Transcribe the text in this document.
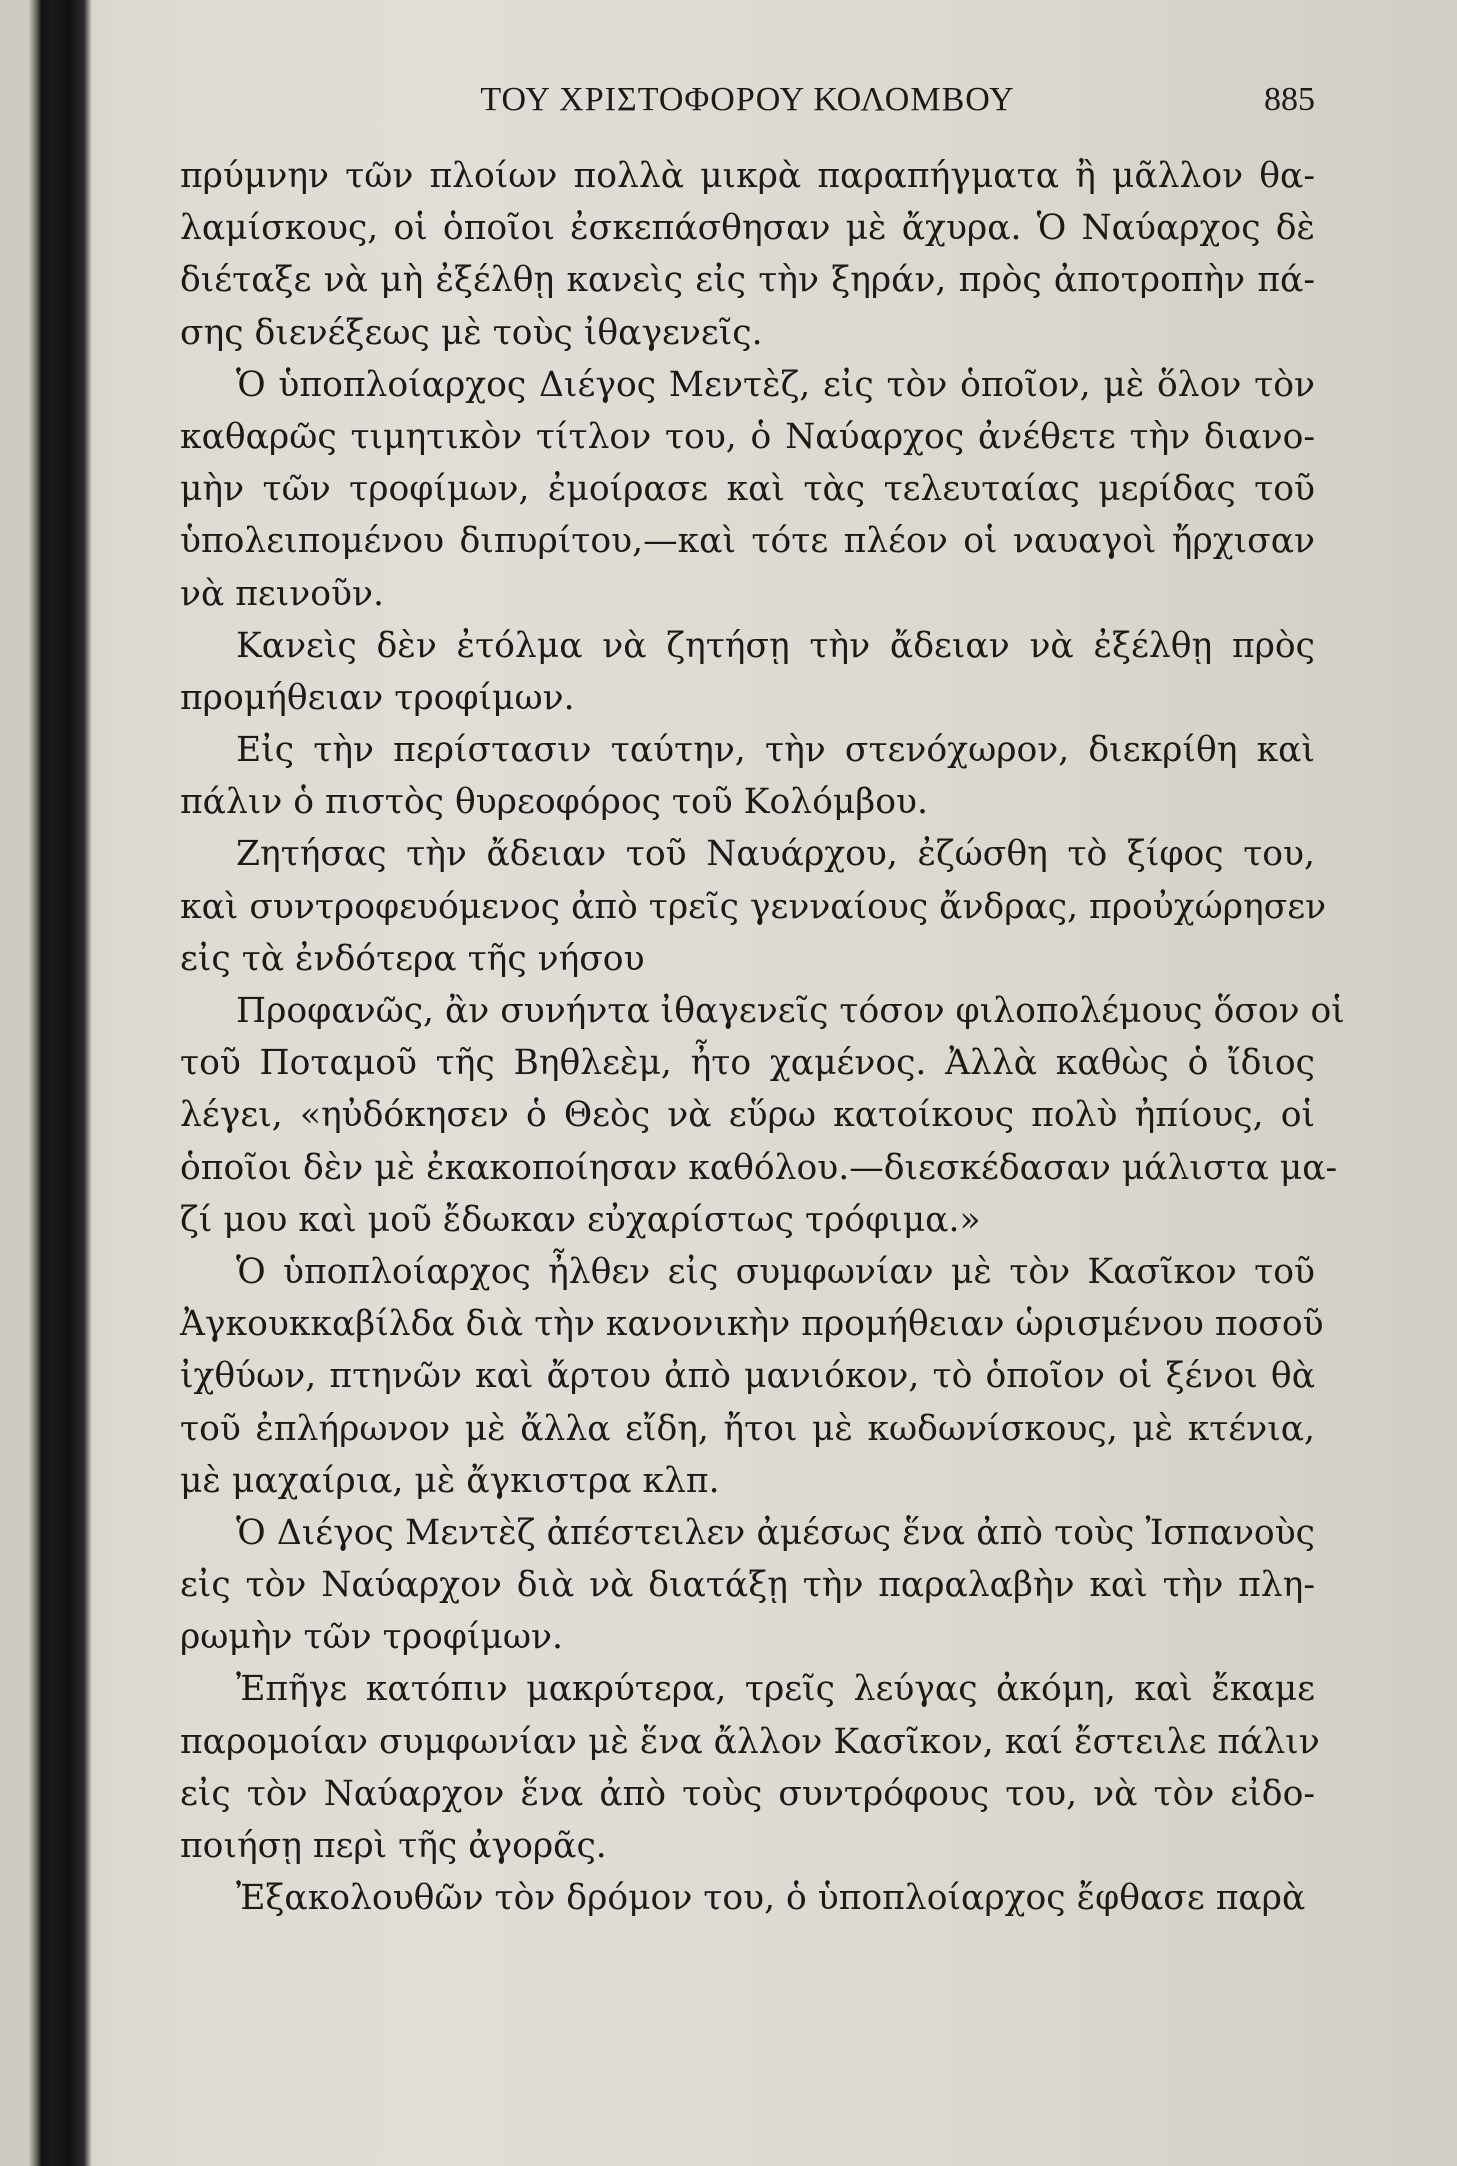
ΤΟΥ ΧΡΙΣΤΟΦΟΡΟΥ ΚΟΛΟΜΒΟΥ	885
πρύμνην τῶν πλοίων πολλὰ μικρὰ παραπήγματα ἢ μᾶλλον θα-
λαμίσκους, οἱ ὁποῖοι ἐσκεπάσθησαν μὲ ἄχυρα. Ὁ Ναύαρχος δὲ
διέταξε νὰ μὴ ἐξέλθῃ κανεὶς εἰς τὴν ξηράν, πρὸς ἀποτροπὴν πά-
σης διενέξεως μὲ τοὺς ἰθαγενεῖς.
Ὁ ὑποπλοίαρχος Διέγος Μεντὲζ, εἰς τὸν ὁποῖον, μὲ ὅλον τὸν
καθαρῶς τιμητικὸν τίτλον του, ὁ Ναύαρχος ἀνέθετε τὴν διανο-
μὴν τῶν τροφίμων, ἐμοίρασε καὶ τὰς τελευταίας μερίδας τοῦ
ὑπολειπομένου διπυρίτου,—καὶ τότε πλέον οἱ ναυαγοὶ ἤρχισαν
νὰ πεινοῦν.
Κανεὶς δὲν ἐτόλμα νὰ ζητήσῃ τὴν ἄδειαν νὰ ἐξέλθῃ πρὸς
προμήθειαν τροφίμων.
Εἰς τὴν περίστασιν ταύτην, τὴν στενόχωρον, διεκρίθη καὶ
πάλιν ὁ πιστὸς θυρεοφόρος τοῦ Κολόμβου.
Ζητήσας τὴν ἄδειαν τοῦ Ναυάρχου, ἐζώσθη τὸ ξίφος του,
καὶ συντροφευόμενος ἀπὸ τρεῖς γενναίους ἄνδρας, προὐχώρησεν
εἰς τὰ ἐνδότερα τῆς νήσου
Προφανῶς, ἂν συνήντα ἰθαγενεῖς τόσον φιλοπολέμους ὅσον οἱ
τοῦ Ποταμοῦ τῆς Βηθλεὲμ, ἦτο χαμένος. Ἀλλὰ καθὼς ὁ ἴδιος
λέγει, «ηὐδόκησεν ὁ Θεὸς νὰ εὕρω κατοίκους πολὺ ἠπίους, οἱ
ὁποῖοι δὲν μὲ ἐκακοποίησαν καθόλου.—διεσκέδασαν μάλιστα μα-
ζί μου καὶ μοῦ ἔδωκαν εὐχαρίστως τρόφιμα.»
Ὁ ὑποπλοίαρχος ἦλθεν εἰς συμφωνίαν μὲ τὸν Κασῖκον τοῦ
Ἀγκουκκαβίλδα διὰ τὴν κανονικὴν προμήθειαν ὡρισμένου ποσοῦ
ἰχθύων, πτηνῶν καὶ ἄρτου ἀπὸ μανιόκον, τὸ ὁποῖον οἱ ξένοι θὰ
τοῦ ἐπλήρωνον μὲ ἄλλα εἴδη, ἤτοι μὲ κωδωνίσκους, μὲ κτένια,
μὲ μαχαίρια, μὲ ἄγκιστρα κλπ.
Ὁ Διέγος Μεντὲζ ἀπέστειλεν ἀμέσως ἕνα ἀπὸ τοὺς Ἰσπανοὺς
εἰς τὸν Ναύαρχον διὰ νὰ διατάξῃ τὴν παραλαβὴν καὶ τὴν πλη-
ρωμὴν τῶν τροφίμων.
Ἐπῆγε κατόπιν μακρύτερα, τρεῖς λεύγας ἀκόμη, καὶ ἔκαμε
παρομοίαν συμφωνίαν μὲ ἕνα ἄλλον Κασῖκον, καί ἔστειλε πάλιν
εἰς τὸν Ναύαρχον ἕνα ἀπὸ τοὺς συντρόφους του, νὰ τὸν εἰδο-
ποιήσῃ περὶ τῆς ἀγορᾶς.
Ἐξακολουθῶν τὸν δρόμον του, ὁ ὑποπλοίαρχος ἔφθασε παρὰ
